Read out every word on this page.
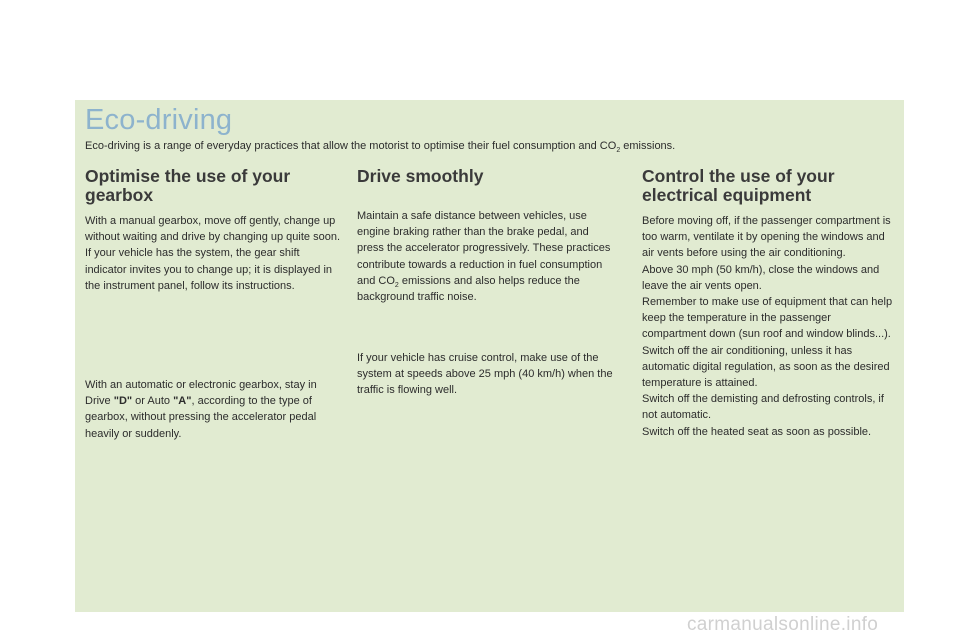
Eco-driving

Eco-driving is a range of everyday practices that allow the motorist to optimise their fuel consumption and $CO_2$ emissions.

Optimise the use of your gearbox

With a manual gearbox, move off gently, change up without waiting and drive by changing up quite soon. If your vehicle has the system, the gear shift indicator invites you to change up; it is displayed in the instrument panel, follow its instructions.

With an automatic or electronic gearbox, stay in Drive "D" or Auto "A", according to the type of gearbox, without pressing the accelerator pedal heavily or suddenly.

Drive smoothly

Maintain a safe distance between vehicles, use engine braking rather than the brake pedal, and press the accelerator progressively. These practices contribute towards a reduction in fuel consumption and $CO_2$ emissions and also helps reduce the background traffic noise.

If your vehicle has cruise control, make use of the system at speeds above 25 mph (40 km/h) when the traffic is flowing well.

Control the use of your electrical equipment

Before moving off, if the passenger compartment is too warm, ventilate it by opening the windows and air vents before using the air conditioning.
Above 30 mph (50 km/h), close the windows and leave the air vents open.
Remember to make use of equipment that can help keep the temperature in the passenger compartment down (sun roof and window blinds...).
Switch off the air conditioning, unless it has automatic digital regulation, as soon as the desired temperature is attained.
Switch off the demisting and defrosting controls, if not automatic.
Switch off the heated seat as soon as possible.

carmanualsonline.info
